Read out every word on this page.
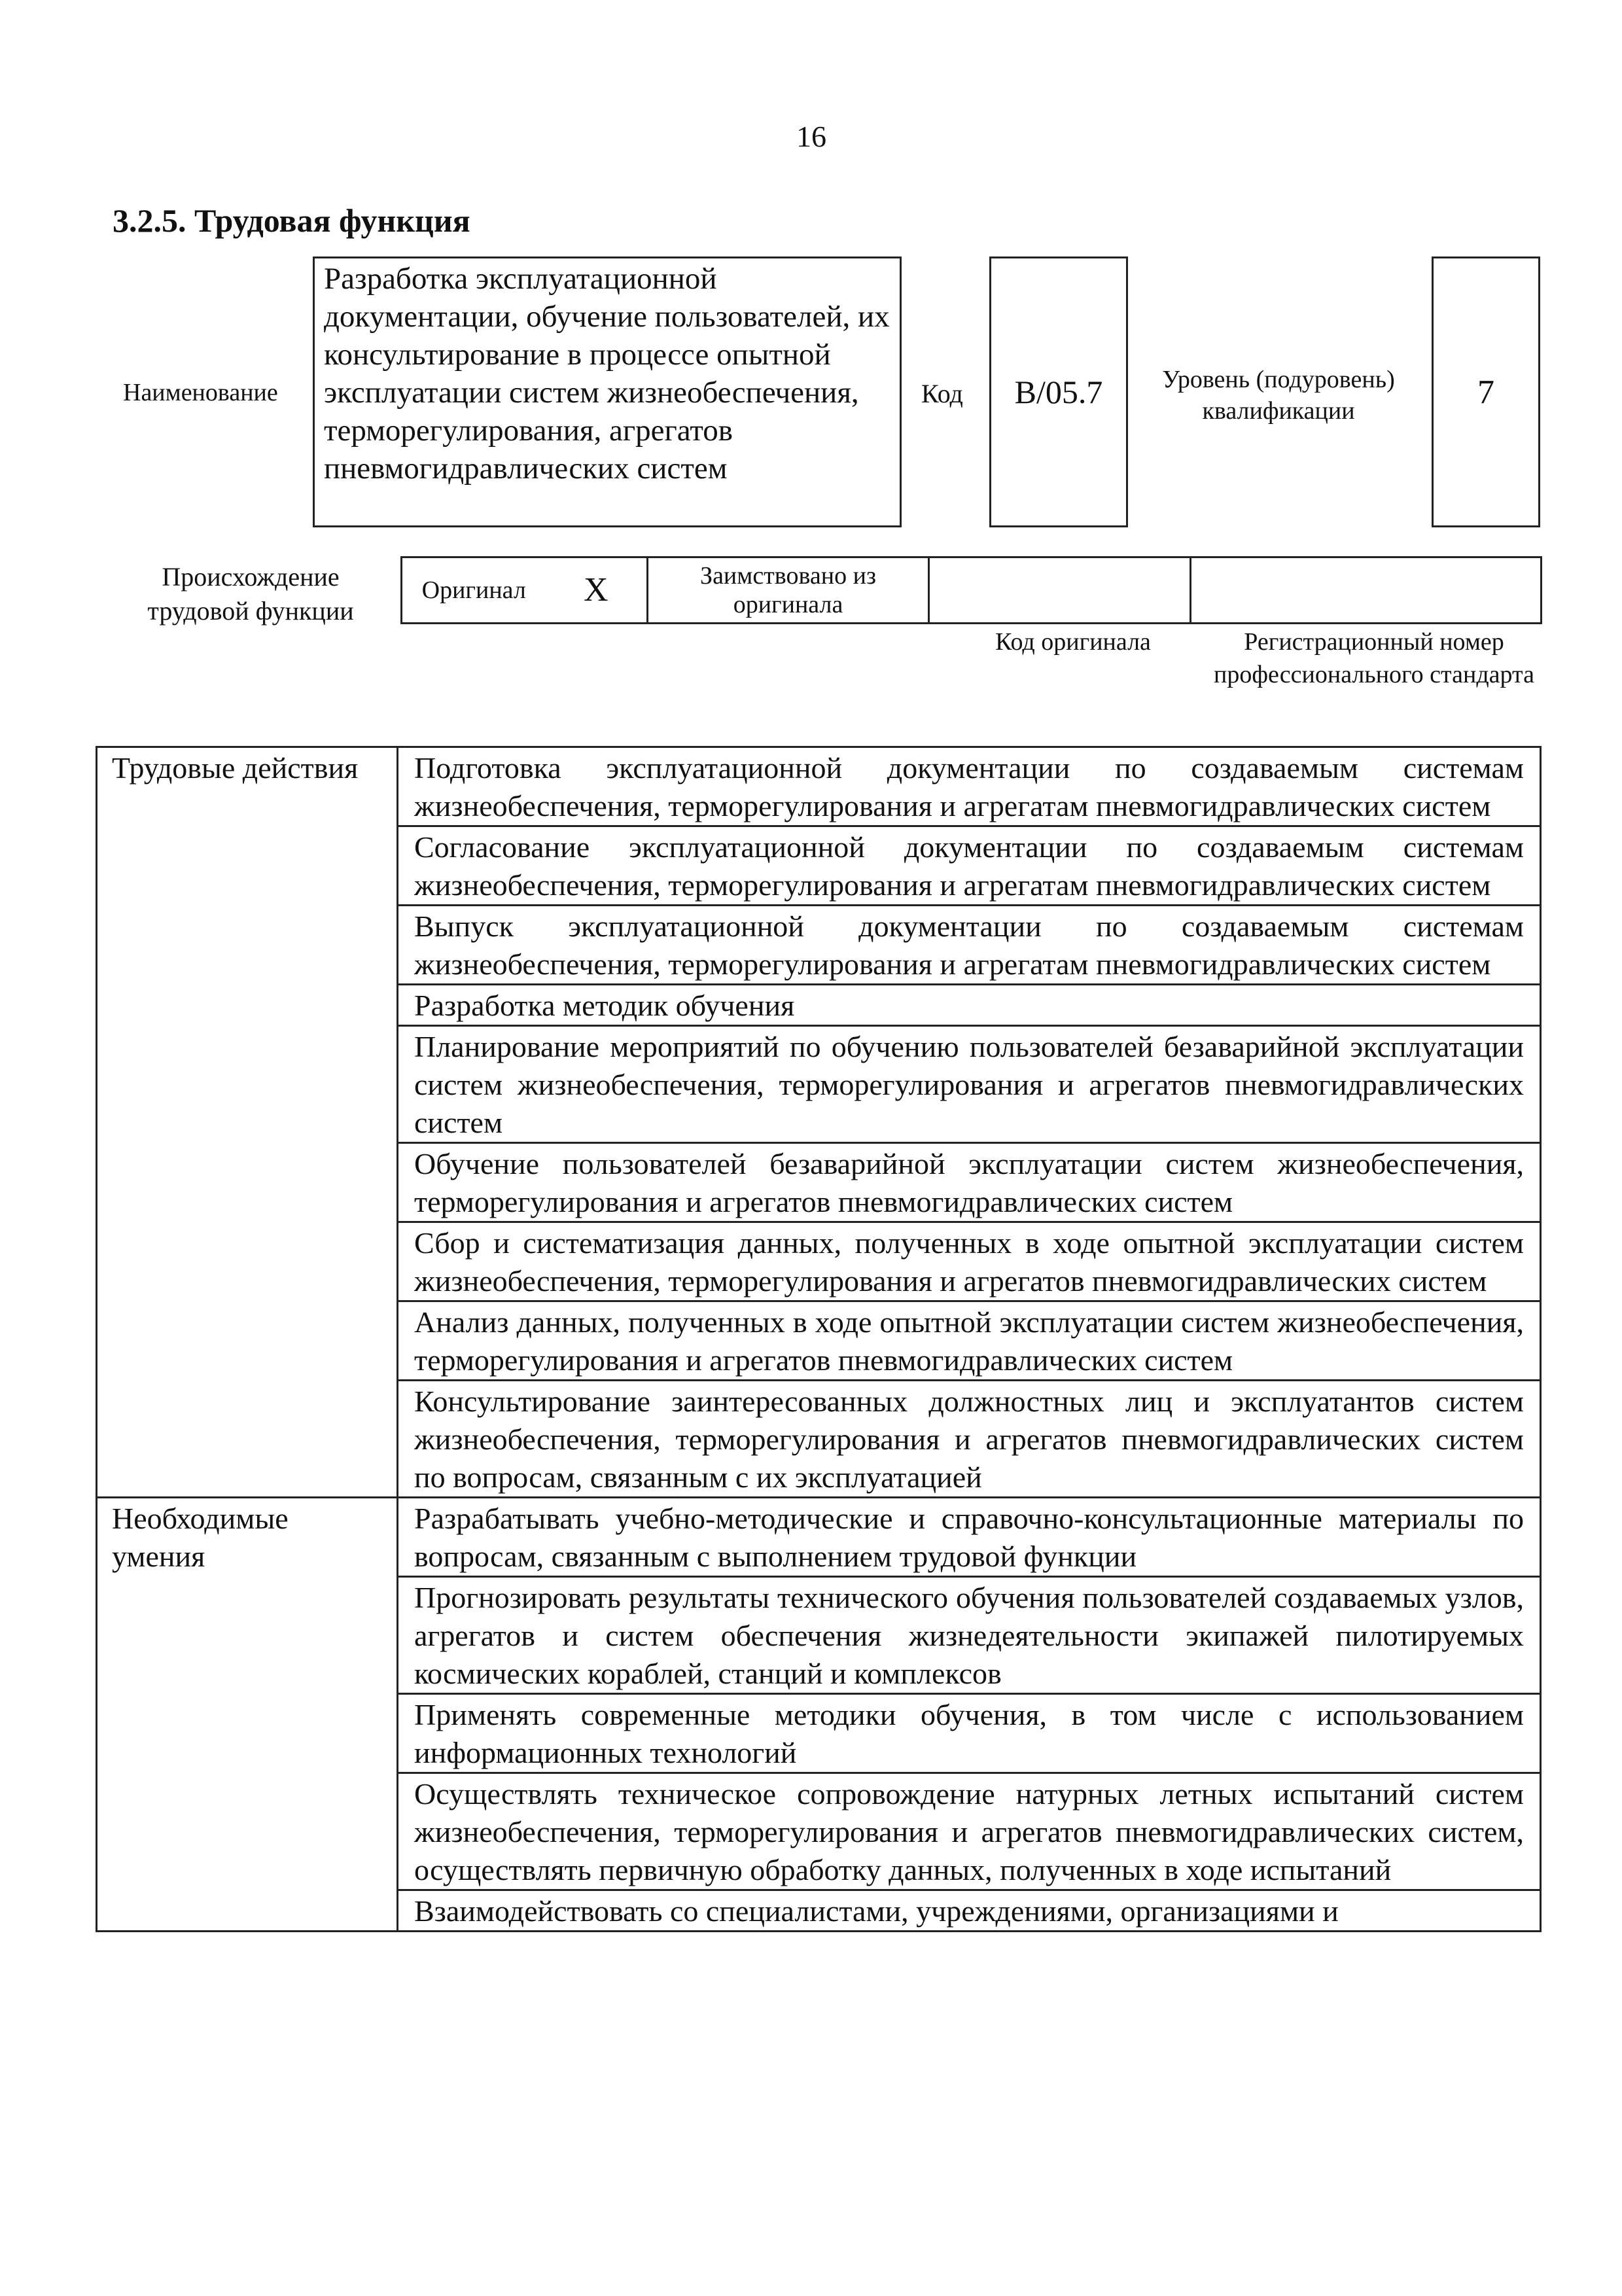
16
3.2.5. Трудовая функция
Наименование
Разработка эксплуатационной документации, обучение пользователей, их консультирование в процессе опытной эксплуатации систем жизнеобеспечения, терморегулирования, агрегатов пневмогидравлических систем
Код	B/05.7	Уровень (подуровень) квалификации
7
Происхождение трудовой функции
Оригинал	X	Заимствовано из оригинала		
Код оригинала	Регистрационный номер профессионального стандарта
Трудовые действия	Подготовка эксплуатационной документации по создаваемым системам жизнеобеспечения, терморегулирования и агрегатам пневмогидравлических систем
	Согласование эксплуатационной документации по создаваемым системам жизнеобеспечения, терморегулирования и агрегатам пневмогидравлических систем
	Выпуск эксплуатационной документации по создаваемым системам жизнеобеспечения, терморегулирования и агрегатам пневмогидравлических систем
	Разработка методик обучения
	Планирование мероприятий по обучению пользователей безаварийной эксплуатации систем жизнеобеспечения, терморегулирования и агрегатов пневмогидравлических систем
	Обучение пользователей безаварийной эксплуатации систем жизнеобеспечения, терморегулирования и агрегатов пневмогидравлических систем
	Сбор и систематизация данных, полученных в ходе опытной эксплуатации систем жизнеобеспечения, терморегулирования и агрегатов пневмогидравлических систем
	Анализ данных, полученных в ходе опытной эксплуатации систем жизнеобеспечения, терморегулирования и агрегатов пневмогидравлических систем
	Консультирование заинтересованных должностных лиц и эксплуатантов систем жизнеобеспечения, терморегулирования и агрегатов пневмогидравлических систем по вопросам, связанным с их эксплуатацией
Необходимые умения	Разрабатывать учебно-методические и справочно-консультационные материалы по вопросам, связанным с выполнением трудовой функции
	Прогнозировать результаты технического обучения пользователей создаваемых узлов, агрегатов и систем обеспечения жизнедеятельности экипажей пилотируемых космических кораблей, станций и комплексов
	Применять современные методики обучения, в том числе с использованием информационных технологий
	Осуществлять техническое сопровождение натурных летных испытаний систем жизнеобеспечения, терморегулирования и агрегатов пневмогидравлических систем, осуществлять первичную обработку данных, полученных в ходе испытаний
	Взаимодействовать со специалистами, учреждениями, организациями и
